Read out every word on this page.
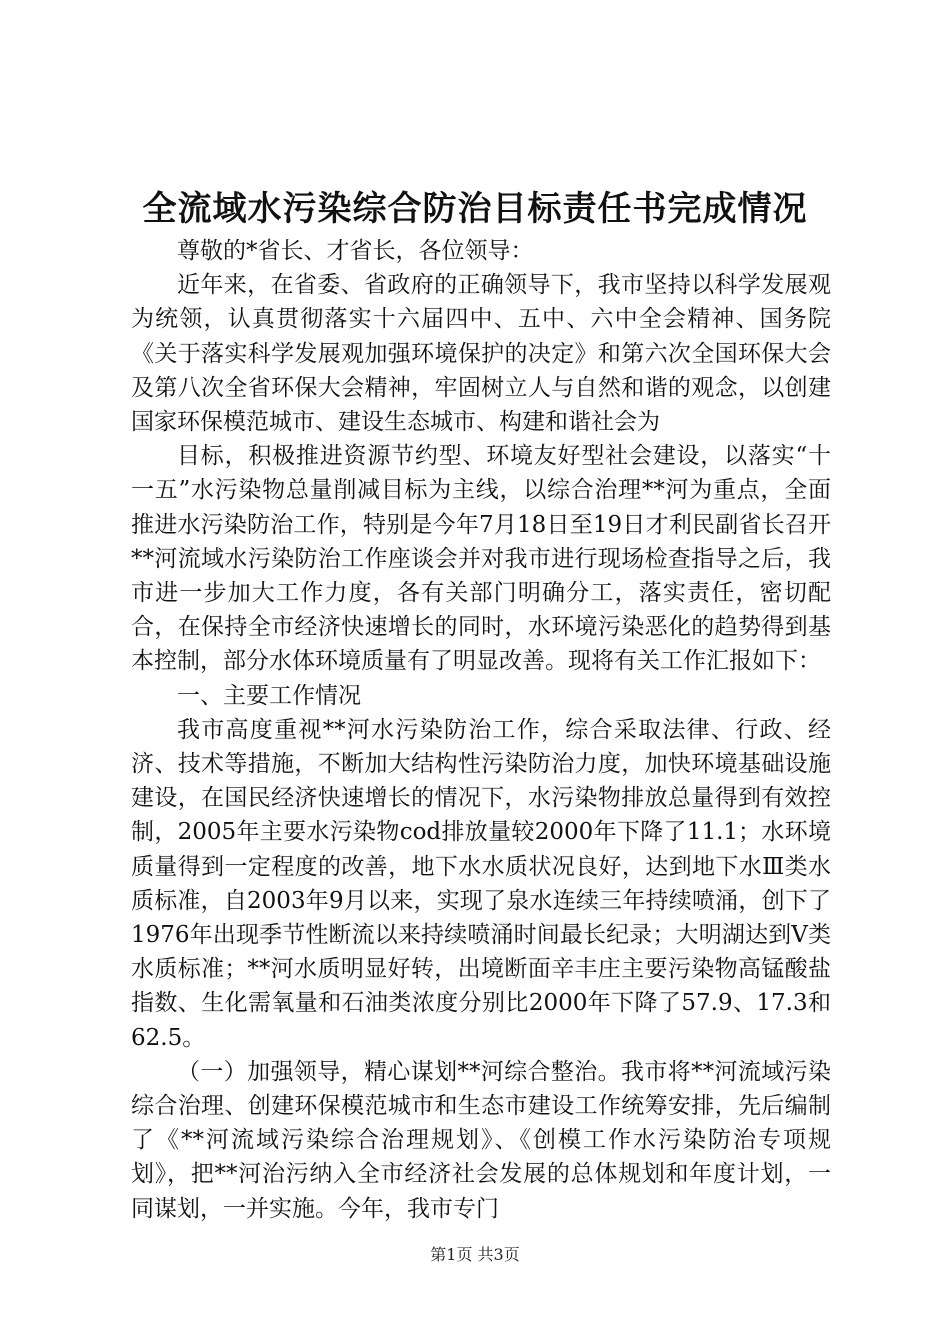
全流域水污染综合防治目标责任书完成情况

尊敬的*省长、才省长，各位领导：

近年来，在省委、省政府的正确领导下，我市坚持以科学发展观为统领，认真贯彻落实十六届四中、五中、六中全会精神、国务院《关于落实科学发展观加强环境保护的决定》和第六次全国环保大会及第八次全省环保大会精神，牢固树立人与自然和谐的观念，以创建国家环保模范城市、建设生态城市、构建和谐社会为

目标，积极推进资源节约型、环境友好型社会建设，以落实“十一五”水污染物总量削减目标为主线，以综合治理**河为重点，全面推进水污染防治工作，特别是今年7月18日至19日才利民副省长召开**河流域水污染防治工作座谈会并对我市进行现场检查指导之后，我市进一步加大工作力度，各有关部门明确分工，落实责任，密切配合，在保持全市经济快速增长的同时，水环境污染恶化的趋势得到基本控制，部分水体环境质量有了明显改善。现将有关工作汇报如下：

一、主要工作情况

我市高度重视**河水污染防治工作，综合采取法律、行政、经济、技术等措施，不断加大结构性污染防治力度，加快环境基础设施建设，在国民经济快速增长的情况下，水污染物排放总量得到有效控制，2005年主要水污染物cod排放量较2000年下降了11.1；水环境质量得到一定程度的改善，地下水水质状况良好，达到地下水Ⅲ类水质标准，自2003年9月以来，实现了泉水连续三年持续喷涌，创下了1976年出现季节性断流以来持续喷涌时间最长纪录；大明湖达到Ⅴ类水质标准；**河水质明显好转，出境断面辛丰庄主要污染物高锰酸盐指数、生化需氧量和石油类浓度分别比2000年下降了57.9、17.3和62.5。

（一）加强领导，精心谋划**河综合整治。我市将**河流域污染综合治理、创建环保模范城市和生态市建设工作统筹安排，先后编制了《**河流域污染综合治理规划》、《创模工作水污染防治专项规划》，把**河治污纳入全市经济社会发展的总体规划和年度计划，一同谋划，一并实施。今年，我市专门

第1页 共3页
